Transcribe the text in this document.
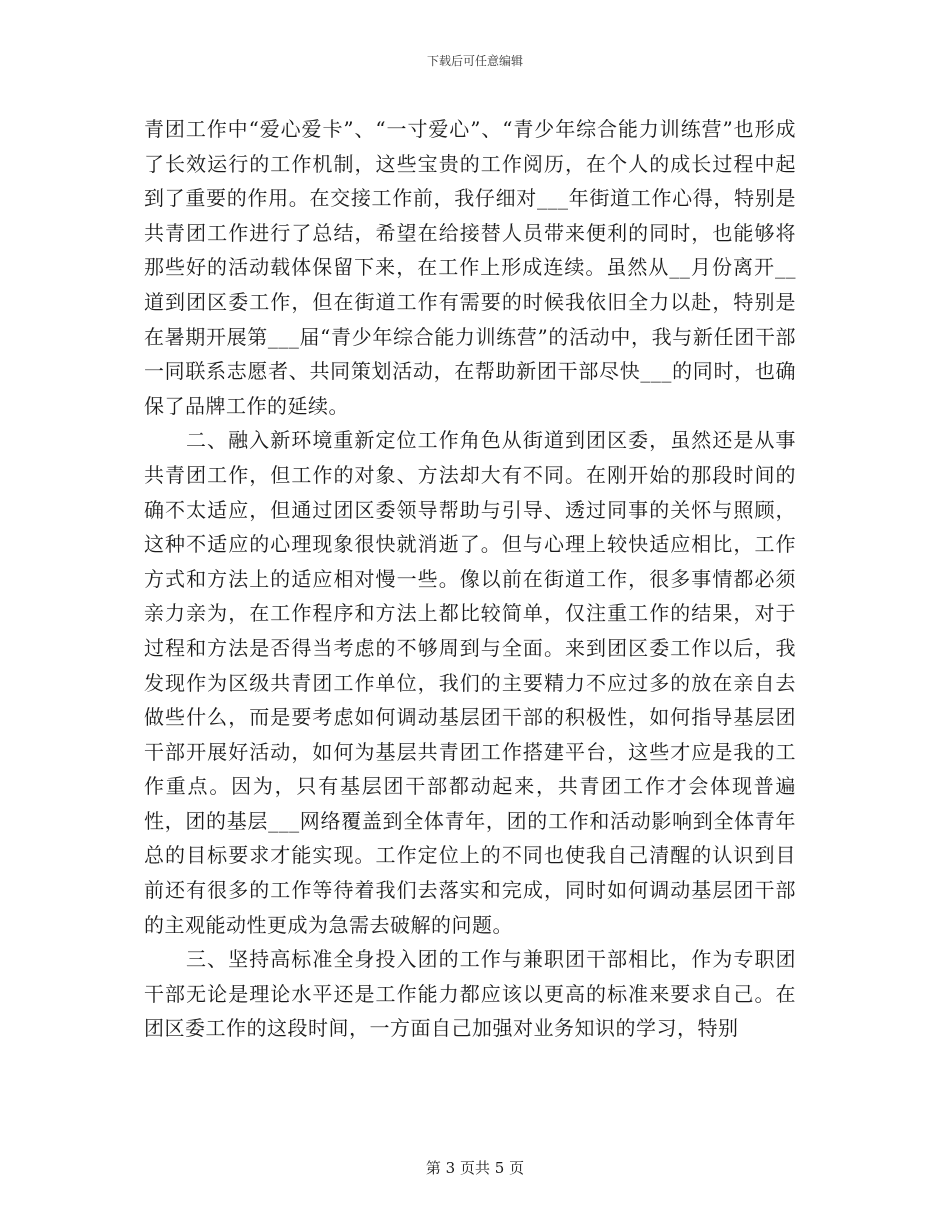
下载后可任意编辑

青团工作中“爱心爱卡”、“一寸爱心”、“青少年综合能力训练营”也形成了长效运行的工作机制，这些宝贵的工作阅历，在个人的成长过程中起到了重要的作用。在交接工作前，我仔细对___年街道工作心得，特别是共青团工作进行了总结，希望在给接替人员带来便利的同时，也能够将那些好的活动载体保留下来，在工作上形成连续。虽然从__月份离开__道到团区委工作，但在街道工作有需要的时候我依旧全力以赴，特别是在暑期开展第___届“青少年综合能力训练营”的活动中，我与新任团干部一同联系志愿者、共同策划活动，在帮助新团干部尽快___的同时，也确保了品牌工作的延续。

二、融入新环境重新定位工作角色从街道到团区委，虽然还是从事共青团工作，但工作的对象、方法却大有不同。在刚开始的那段时间的确不太适应，但通过团区委领导帮助与引导、透过同事的关怀与照顾，这种不适应的心理现象很快就消逝了。但与心理上较快适应相比，工作方式和方法上的适应相对慢一些。像以前在街道工作，很多事情都必须亲力亲为，在工作程序和方法上都比较简单，仅注重工作的结果，对于过程和方法是否得当考虑的不够周到与全面。来到团区委工作以后，我发现作为区级共青团工作单位，我们的主要精力不应过多的放在亲自去做些什么，而是要考虑如何调动基层团干部的积极性，如何指导基层团干部开展好活动，如何为基层共青团工作搭建平台，这些才应是我的工作重点。因为，只有基层团干部都动起来，共青团工作才会体现普遍性，团的基层___网络覆盖到全体青年，团的工作和活动影响到全体青年总的目标要求才能实现。工作定位上的不同也使我自己清醒的认识到目前还有很多的工作等待着我们去落实和完成，同时如何调动基层团干部的主观能动性更成为急需去破解的问题。

三、坚持高标准全身投入团的工作与兼职团干部相比，作为专职团干部无论是理论水平还是工作能力都应该以更高的标准来要求自己。在团区委工作的这段时间，一方面自己加强对业务知识的学习，特别

第 3 页共 5 页
